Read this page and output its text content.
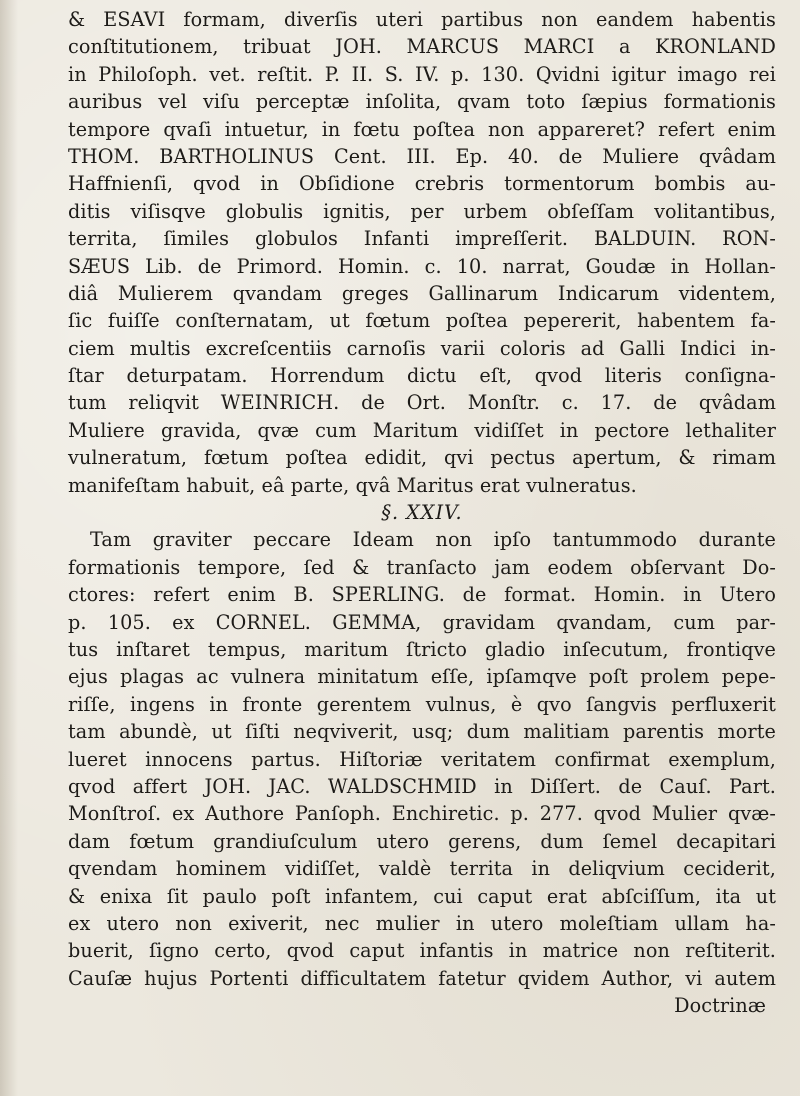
& ESAVI formam, diverſis uteri partibus non eandem habentis
conſtitutionem, tribuat JOH. MARCUS MARCI a KRONLAND
in Philoſoph. vet. reſtit. P. II. S. IV. p. 130. Qvidni igitur imago rei
auribus vel viſu perceptæ inſolita, qvam toto ſæpius formationis
tempore qvaſi intuetur, in fœtu poſtea non appareret? refert enim
THOM. BARTHOLINUS Cent. III. Ep. 40. de Muliere qvâdam
Haffnienſi, qvod in Obſidione crebris tormentorum bombis au-
ditis viſisqve globulis ignitis, per urbem obſeſſam volitantibus,
territa, ſimiles globulos Infanti impreſſerit. BALDUIN. RON-
SÆUS Lib. de Primord. Homin. c. 10. narrat, Goudæ in Hollan-
diâ Mulierem qvandam greges Gallinarum Indicarum videntem,
ſic fuiſſe conſternatam, ut fœtum poſtea pepererit, habentem fa-
ciem multis excreſcentiis carnoſis varii coloris ad Galli Indici in-
ſtar deturpatam. Horrendum dictu eſt, qvod literis conſigna-
tum reliqvit WEINRICH. de Ort. Monſtr. c. 17. de qvâdam
Muliere gravida, qvæ cum Maritum vidiſſet in pectore lethaliter
vulneratum, fœtum poſtea edidit, qvi pectus apertum, & rimam
manifeſtam habuit, eâ parte, qvâ Maritus erat vulneratus.
§. XXIV.
Tam graviter peccare Ideam non ipſo tantummodo durante
formationis tempore, ſed & tranſacto jam eodem obſervant Do-
ctores: refert enim B. SPERLING. de format. Homin. in Utero
p. 105. ex CORNEL. GEMMA, gravidam qvandam, cum par-
tus inſtaret tempus, maritum ſtricto gladio inſecutum, frontiqve
ejus plagas ac vulnera minitatum eſſe, ipſamqve poſt prolem pepe-
riſſe, ingens in fronte gerentem vulnus, è qvo ſangvis perfluxerit
tam abundè, ut ſiſti neqviverit, usq; dum malitiam parentis morte
lueret innocens partus. Hiſtoriæ veritatem confirmat exemplum,
qvod affert JOH. JAC. WALDSCHMID in Diſſert. de Cauſ. Part.
Monſtroſ. ex Authore Panſoph. Enchiretic. p. 277. qvod Mulier qvæ-
dam fœtum grandiuſculum utero gerens, dum ſemel decapitari
qvendam hominem vidiſſet, valdè territa in deliqvium ceciderit,
& enixa ſit paulo poſt infantem, cui caput erat abſciſſum, ita ut
ex utero non exiverit, nec mulier in utero moleſtiam ullam ha-
buerit, ſigno certo, qvod caput infantis in matrice non reſtiterit.
Cauſæ hujus Portenti difficultatem fatetur qvidem Author, vi autem
Doctrinæ
